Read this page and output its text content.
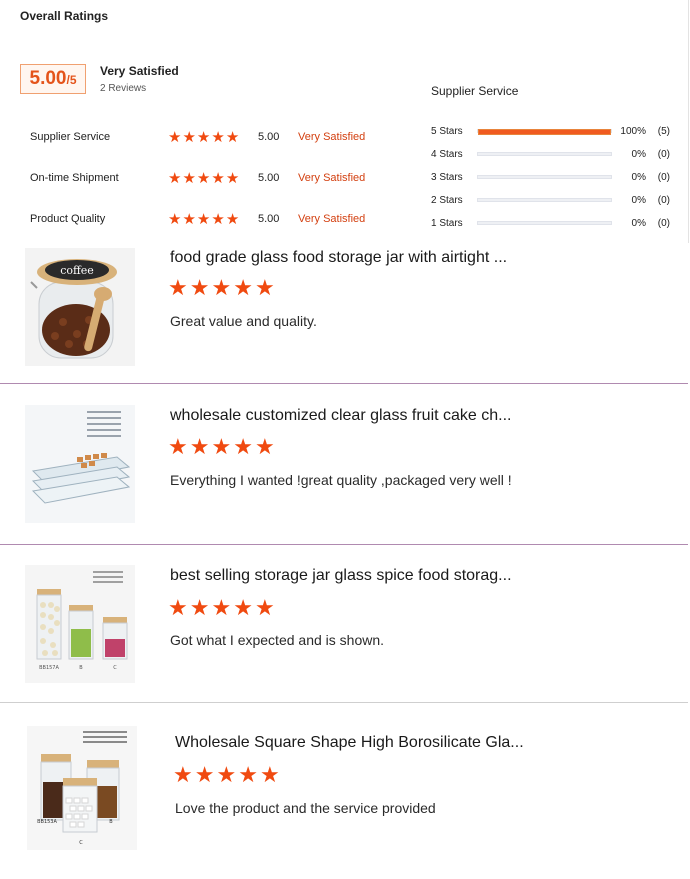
Overall Ratings
5.00 /5
Very Satisfied
2 Reviews
Supplier Service	★ ★ ★ ★ ★ 5.00	Very Satisfied
On-time Shipment	★ ★ ★ ★ ★ 5.00	Very Satisfied
Product Quality	★ ★ ★ ★ ★ 5.00	Very Satisfied
Supplier Service
5 Stars	100%	(5)
4 Stars	0%	(0)
3 Stars	0%	(0)
2 Stars	0%	(0)
1 Stars	0%	(0)
coffee
food grade glass food storage jar with airtight ...
★ ★ ★ ★ ★
Great value and quality.
wholesale customized clear glass fruit cake ch...
★ ★ ★ ★ ★
Everything I wanted !great quality ,packaged very well !
BB157A	B	C
best selling storage jar glass spice food storag...
★ ★ ★ ★ ★
Got what I expected and is shown.
BB153A	B
C
Wholesale Square Shape High Borosilicate Gla...
★ ★ ★ ★ ★
Love the product and the service provided
